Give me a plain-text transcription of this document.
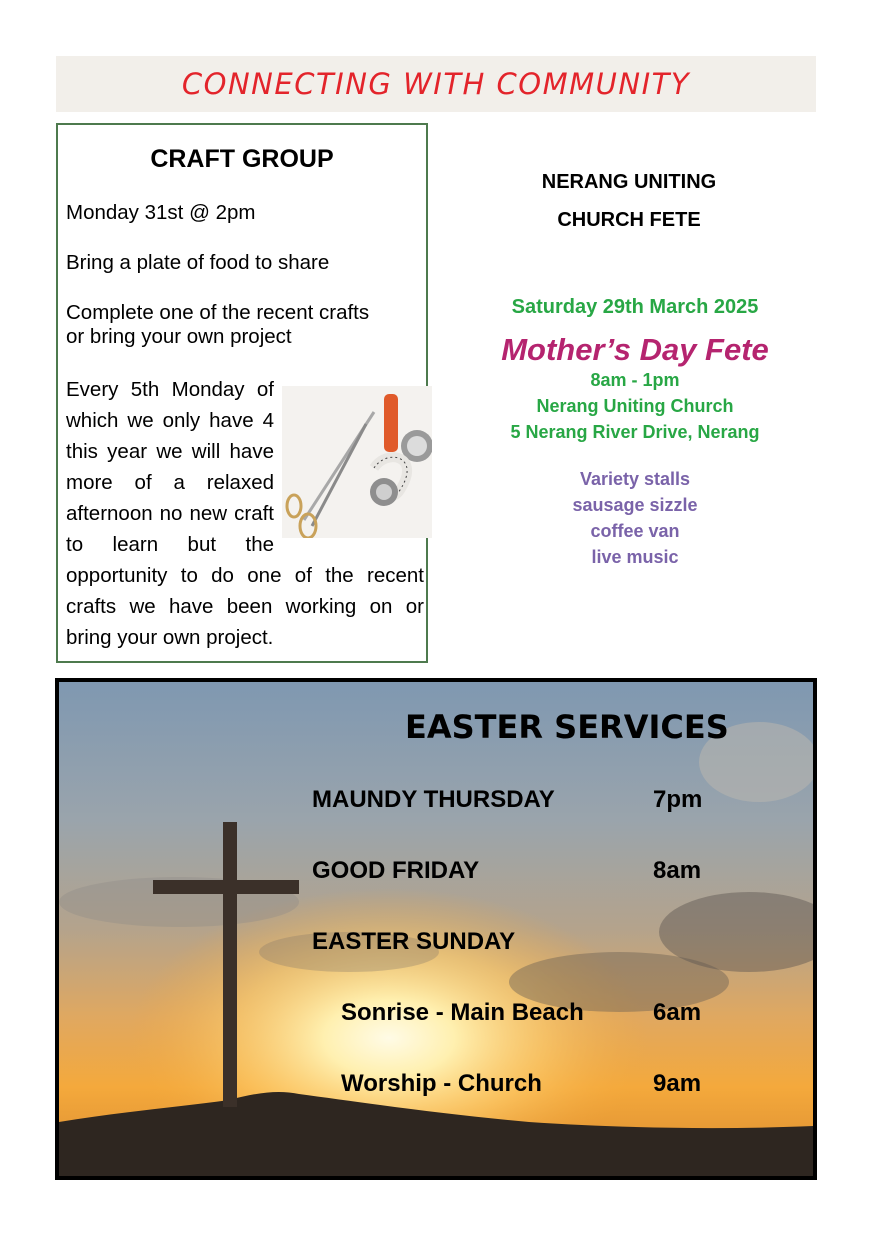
CONNECTING WITH COMMUNITY
CRAFT GROUP
Monday 31st @ 2pm
Bring a plate of food to share
Complete one of the recent crafts
or bring your own project
Every 5th Monday of which we only have 4 this year we will have more of a relaxed afternoon no new craft to learn but the opportunity to do one of the recent crafts we have been working on or bring your own project.
NERANG UNITING
CHURCH FETE
Saturday 29th March 2025
Mother’s Day Fete
8am - 1pm
Nerang Uniting Church
5 Nerang River Drive, Nerang
Variety stalls
sausage sizzle
coffee van
live music
EASTER SERVICES
MAUNDY THURSDAY	7pm
GOOD FRIDAY	8am
EASTER SUNDAY
Sonrise - Main Beach	6am
Worship - Church	9am
